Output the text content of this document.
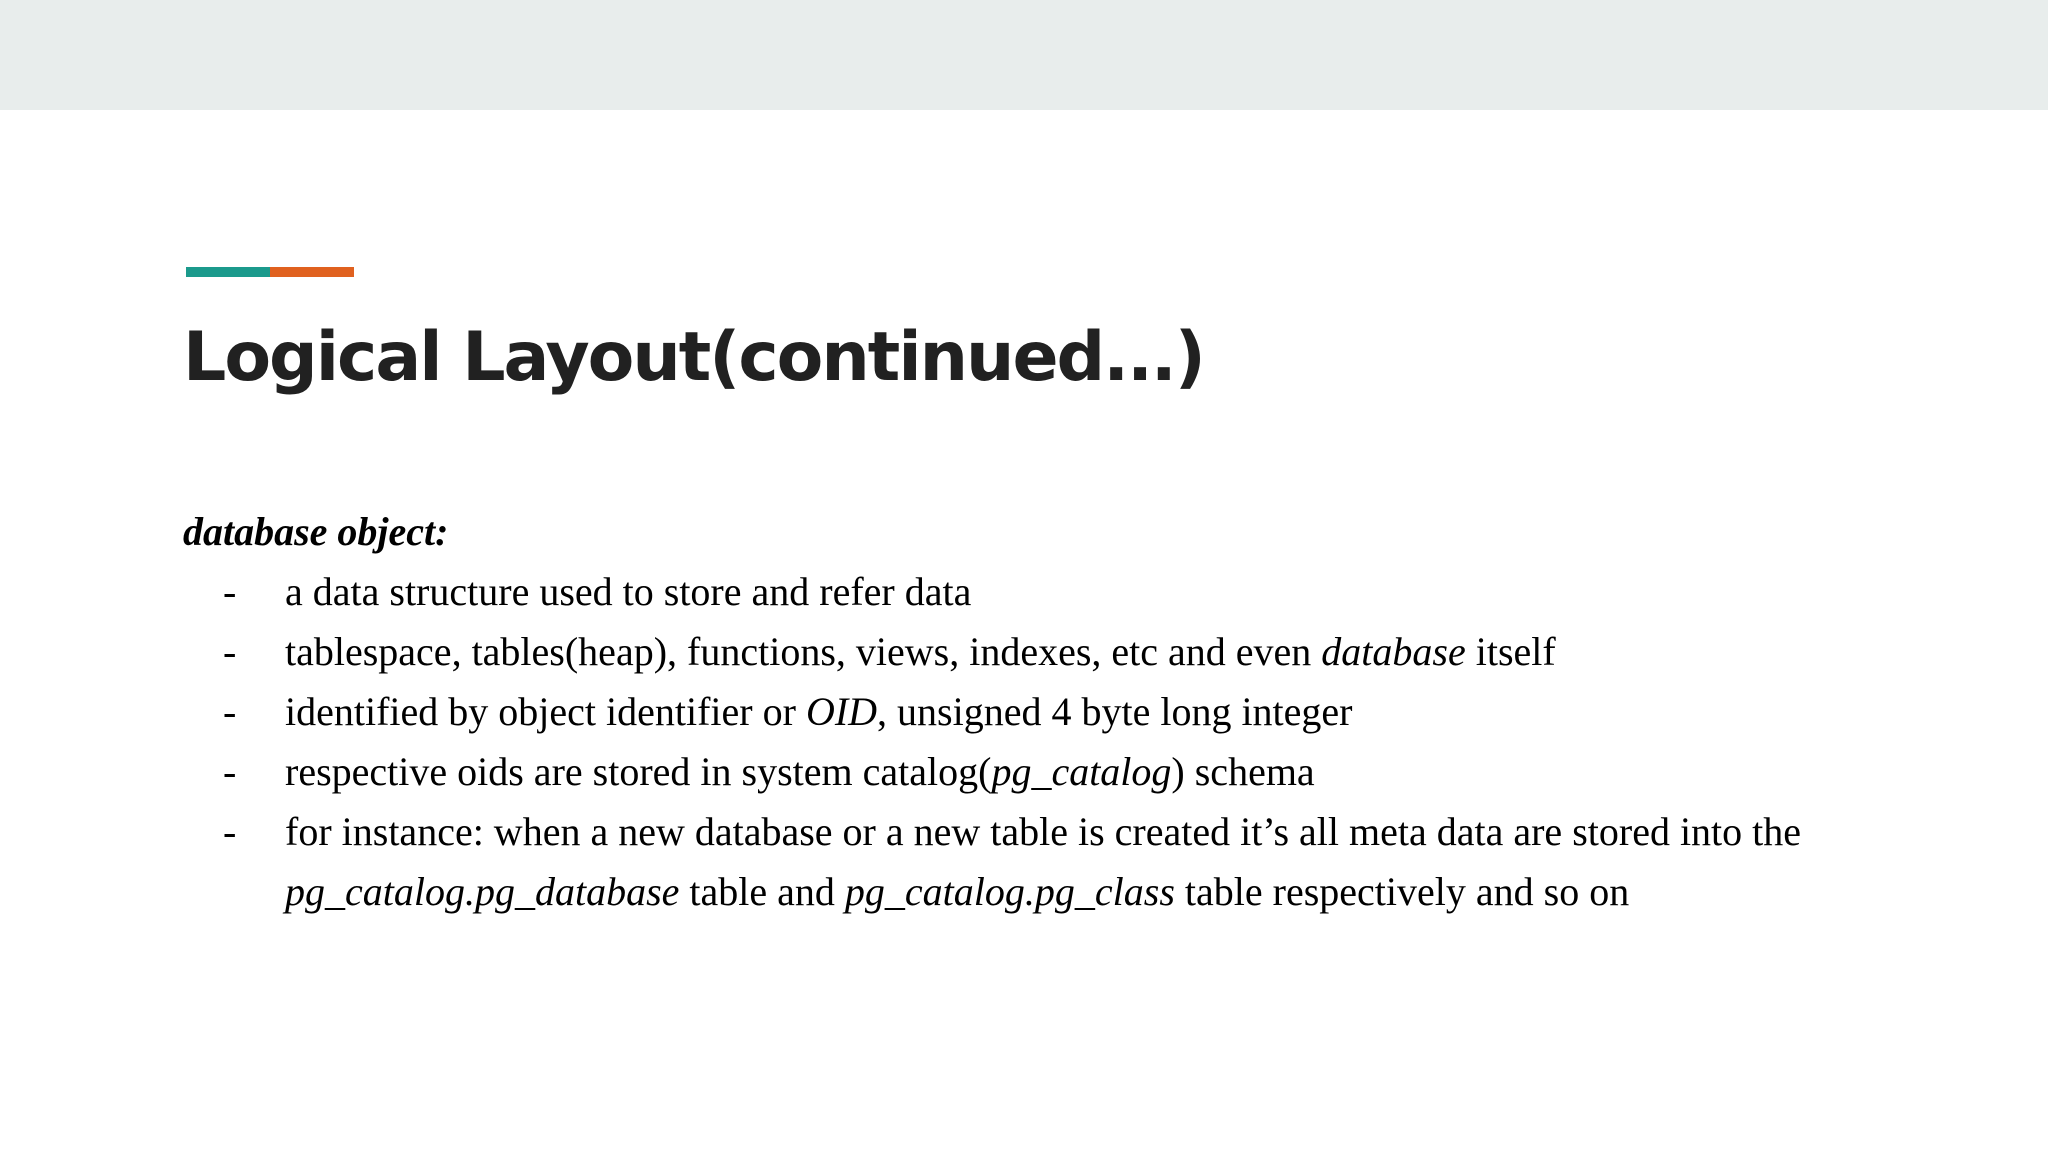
Logical Layout(continued...)
database object:
- a data structure used to store and refer data
- tablespace, tables(heap), functions, views, indexes, etc and even database itself
- identified by object identifier or OID, unsigned 4 byte long integer
- respective oids are stored in system catalog(pg_catalog) schema
- for instance: when a new database or a new table is created it’s all meta data are stored into the pg_catalog.pg_database table and pg_catalog.pg_class table respectively and so on
